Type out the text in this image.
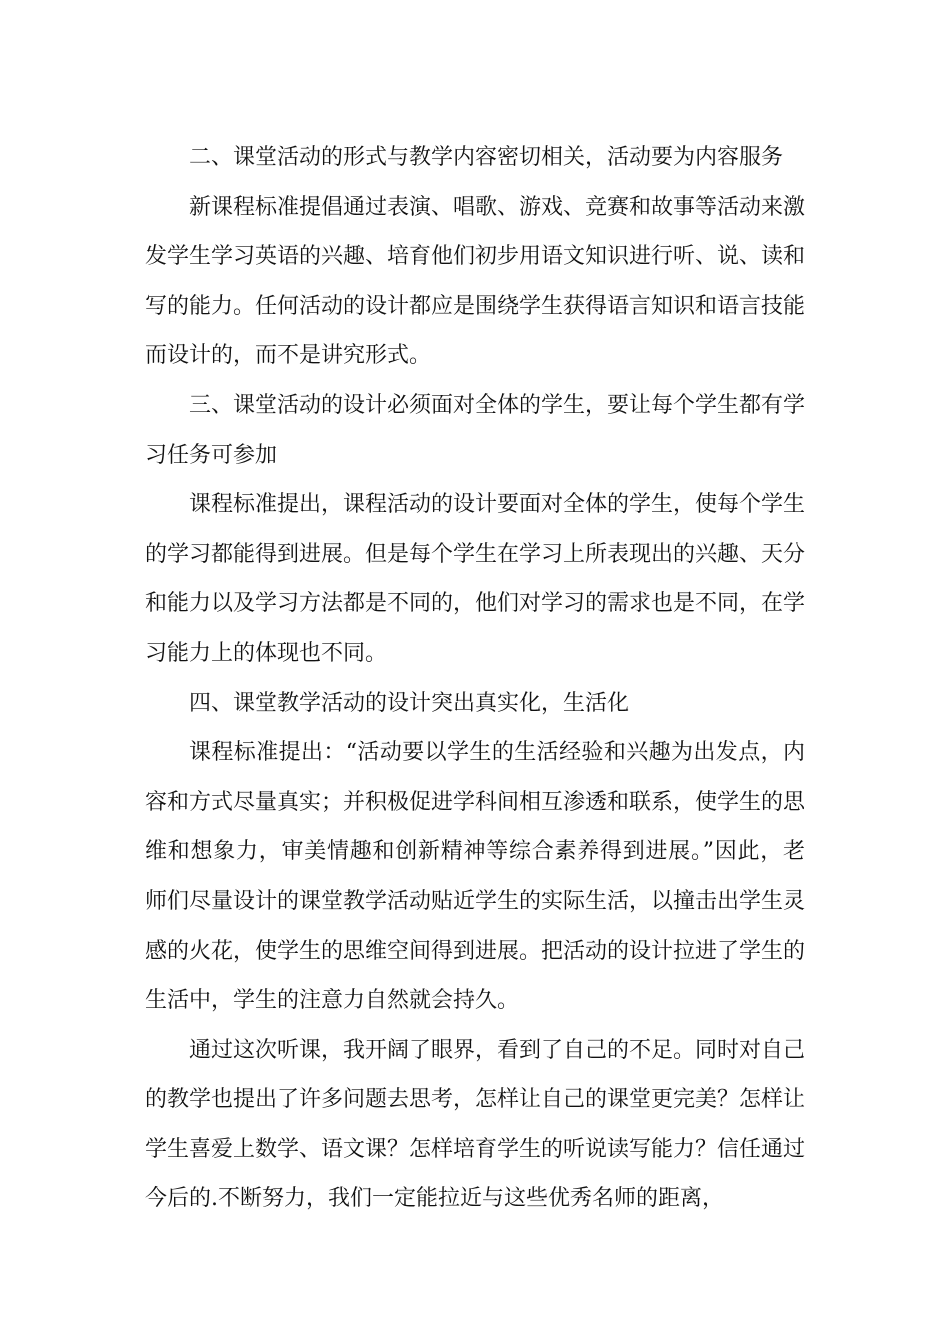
二、课堂活动的形式与教学内容密切相关，活动要为内容服务

新课程标准提倡通过表演、唱歌、游戏、竞赛和故事等活动来激发学生学习英语的兴趣、培育他们初步用语文知识进行听、说、读和写的能力。任何活动的设计都应是围绕学生获得语言知识和语言技能而设计的，而不是讲究形式。

三、课堂活动的设计必须面对全体的学生，要让每个学生都有学习任务可参加

课程标准提出，课程活动的设计要面对全体的学生，使每个学生的学习都能得到进展。但是每个学生在学习上所表现出的兴趣、天分和能力以及学习方法都是不同的，他们对学习的需求也是不同，在学习能力上的体现也不同。

四、课堂教学活动的设计突出真实化，生活化

课程标准提出：“活动要以学生的生活经验和兴趣为出发点，内容和方式尽量真实；并积极促进学科间相互渗透和联系，使学生的思维和想象力，审美情趣和创新精神等综合素养得到进展。”因此，老师们尽量设计的课堂教学活动贴近学生的实际生活，以撞击出学生灵感的火花，使学生的思维空间得到进展。把活动的设计拉进了学生的生活中，学生的注意力自然就会持久。

通过这次听课，我开阔了眼界，看到了自己的不足。同时对自己的教学也提出了许多问题去思考，怎样让自己的课堂更完美？怎样让学生喜爱上数学、语文课？怎样培育学生的听说读写能力？信任通过今后的.不断努力，我们一定能拉近与这些优秀名师的距离，
